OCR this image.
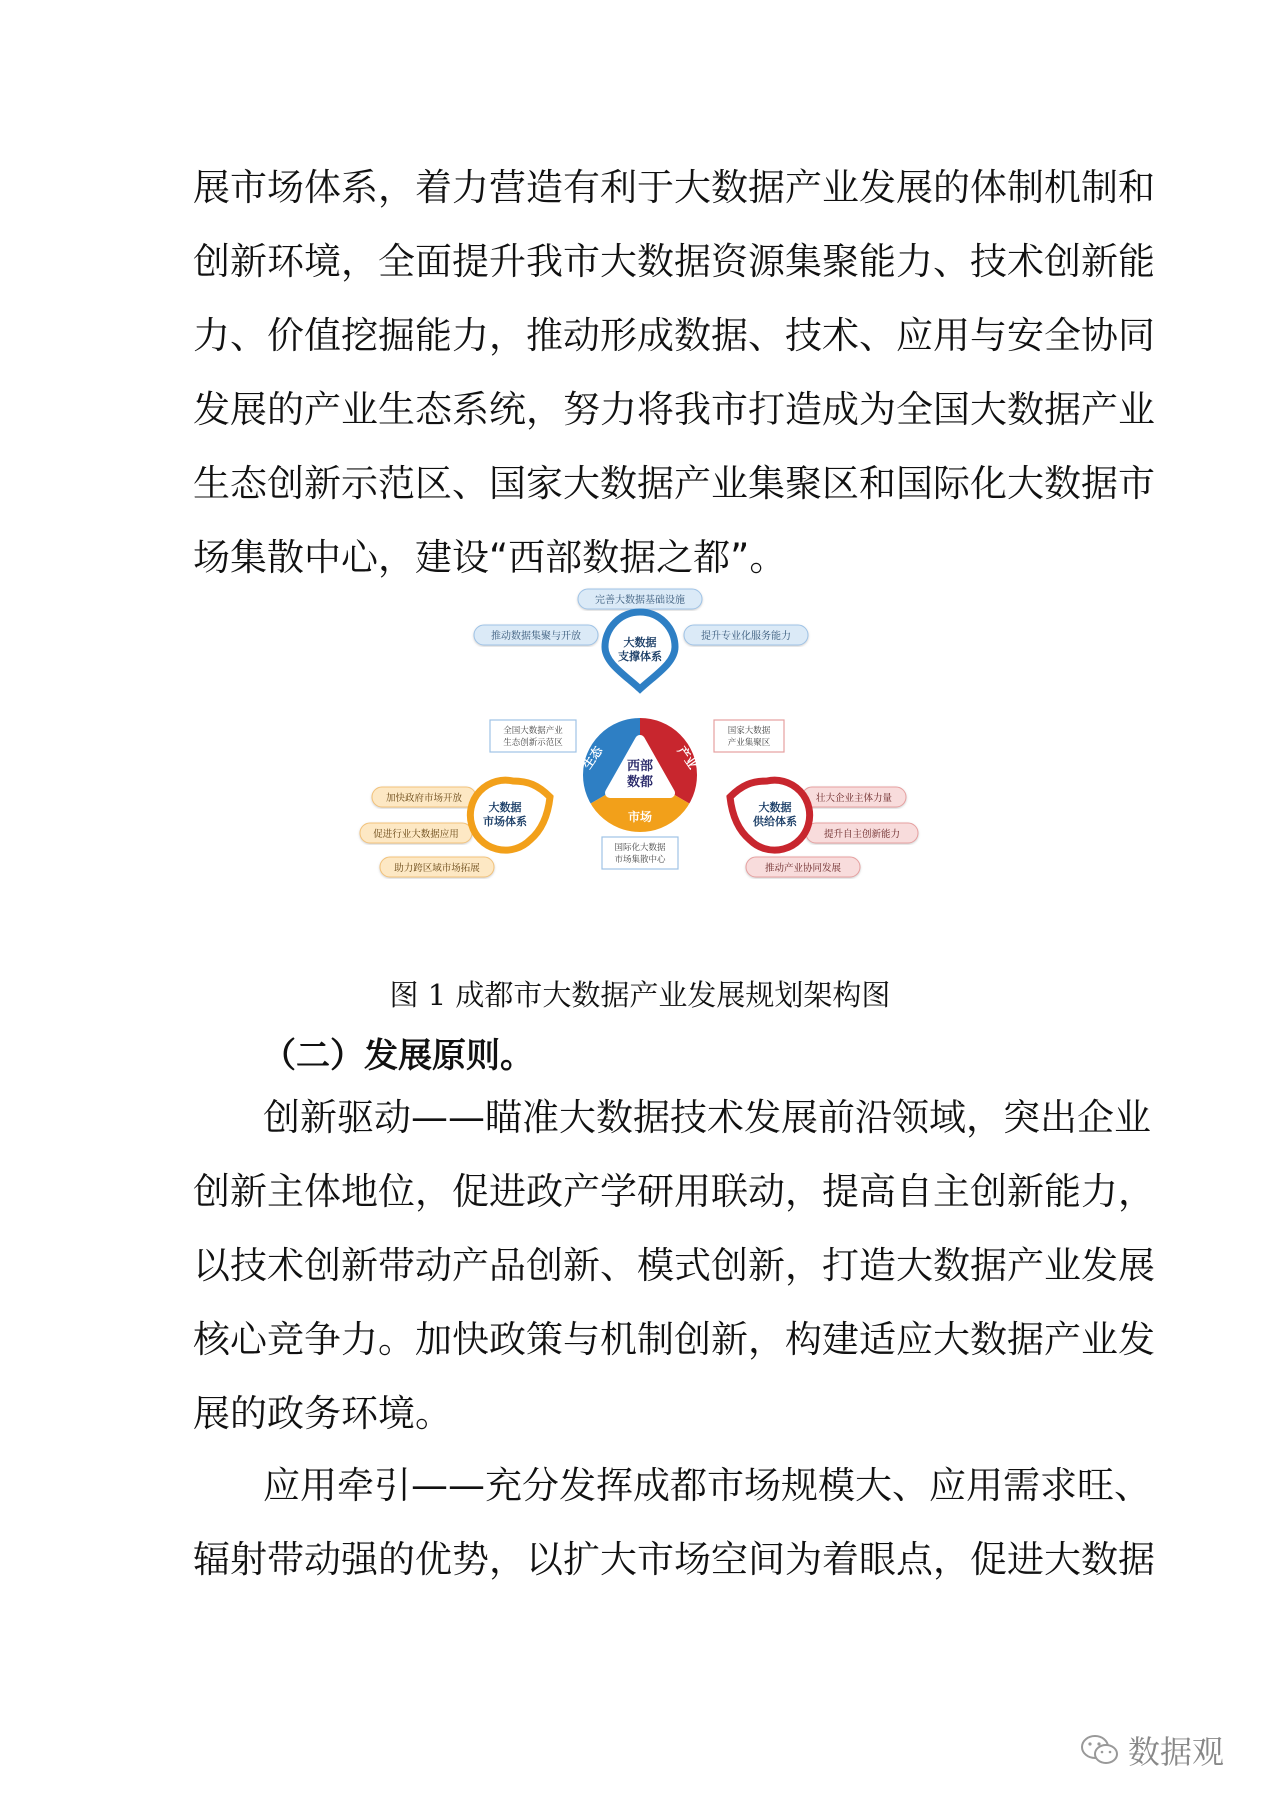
展市场体系，着力营造有利于大数据产业发展的体制机制和
创新环境，全面提升我市大数据资源集聚能力、技术创新能
力、价值挖掘能力，推动形成数据、技术、应用与安全协同
发展的产业生态系统，努力将我市打造成为全国大数据产业
生态创新示范区、国家大数据产业集聚区和国际化大数据市
场集散中心，建设“西部数据之都”。

完善大数据基础设施
推动数据集聚与开放	提升专业化服务能力
大数据
支撑体系
西部
数都
生态	产业
市场
全国大数据产业
生态创新示范区
国家大数据
产业集聚区
国际化大数据
市场集散中心
加快政府市场开放
促进行业大数据应用
助力跨区域市场拓展
大数据
市场体系
壮大企业主体力量
提升自主创新能力
推动产业协同发展
大数据
供给体系
图 1 成都市大数据产业发展规划架构图
（二）发展原则。

创新驱动——瞄准大数据技术发展前沿领域，突出企业
创新主体地位，促进政产学研用联动，提高自主创新能力，
以技术创新带动产品创新、模式创新，打造大数据产业发展
核心竞争力。加快政策与机制创新，构建适应大数据产业发
展的政务环境。

应用牵引——充分发挥成都市场规模大、应用需求旺、
辐射带动强的优势，以扩大市场空间为着眼点，促进大数据

数据观
